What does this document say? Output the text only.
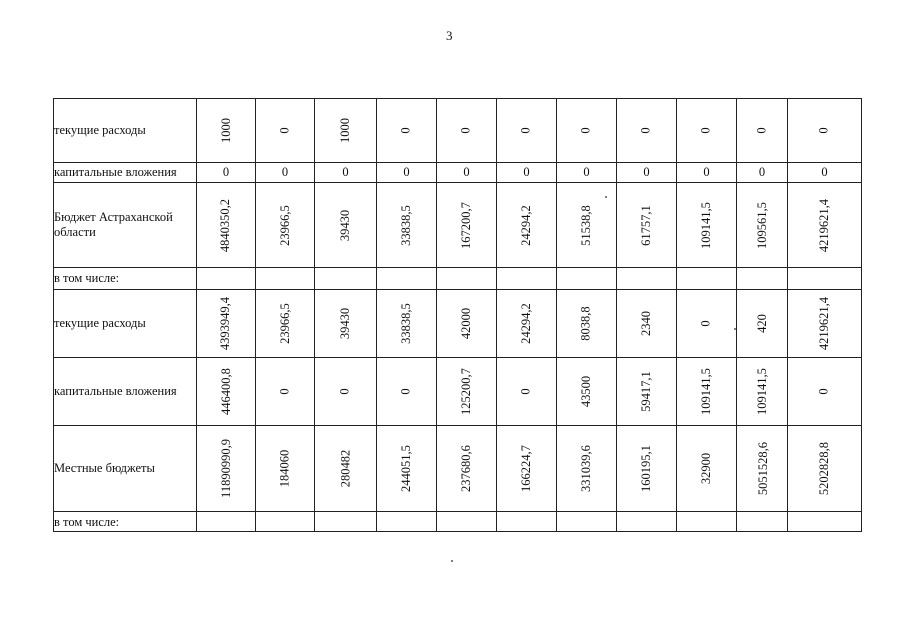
3
текущие расходы	1000	0	1000	0	0	0	0	0	0	0	0
капитальные вложения	0	0	0	0	0	0	0	0	0	0	0
Бюджет Астраханской области	4840350,2	23966,5	39430	33838,5	167200,7	24294,2	51538,8	61757,1	109141,5	109561,5	4219621,4
в том числе:											
текущие расходы	4393949,4	23966,5	39430	33838,5	42000	24294,2	8038,8	2340	0	420	4219621,4
капитальные вложения	446400,8	0	0	0	125200,7	0	43500	59417,1	109141,5	109141,5	0
Местные бюджеты	11890990,9	184060	280482	244051,5	237680,6	166224,7	331039,6	160195,1	32900	5051528,6	5202828,8
в том числе:											
